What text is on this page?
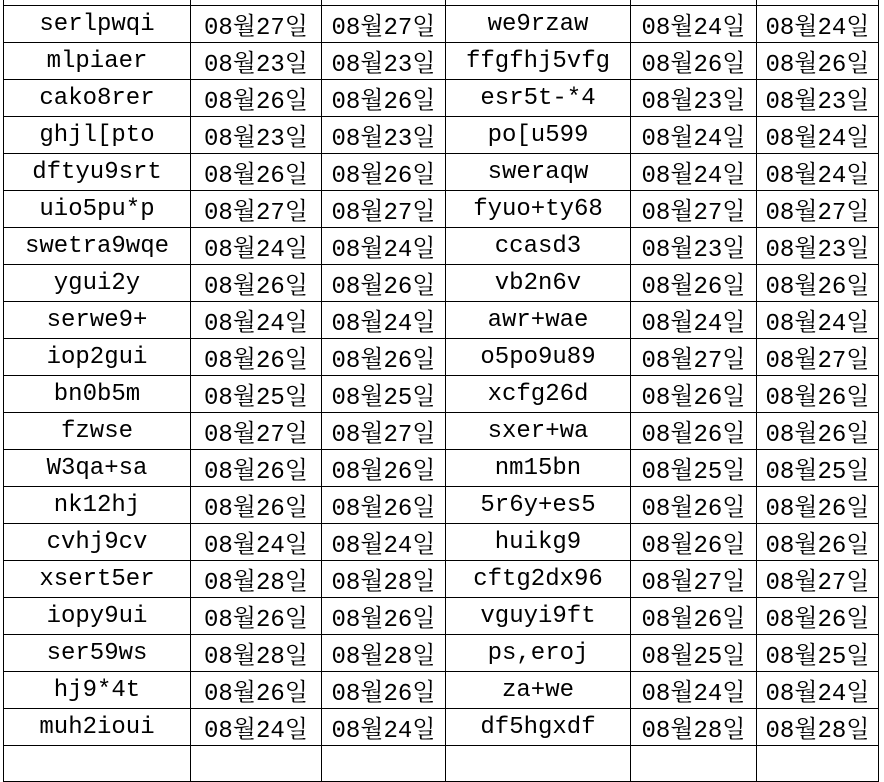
serlpwqi	08월27일	08월27일	we9rzaw	08월24일	08월24일
mlpiaer	08월23일	08월23일	ffgfhj5vfg	08월26일	08월26일
cako8rer	08월26일	08월26일	esr5t-*4	08월23일	08월23일
ghjl[pto	08월23일	08월23일	po[u599	08월24일	08월24일
dftyu9srt	08월26일	08월26일	sweraqw	08월24일	08월24일
uio5pu*p	08월27일	08월27일	fyuo+ty68	08월27일	08월27일
swetra9wqe	08월24일	08월24일	ccasd3	08월23일	08월23일
ygui2y	08월26일	08월26일	vb2n6v	08월26일	08월26일
serwe9+	08월24일	08월24일	awr+wae	08월24일	08월24일
iop2gui	08월26일	08월26일	o5po9u89	08월27일	08월27일
bn0b5m	08월25일	08월25일	xcfg26d	08월26일	08월26일
fzwse	08월27일	08월27일	sxer+wa	08월26일	08월26일
W3qa+sa	08월26일	08월26일	nm15bn	08월25일	08월25일
nk12hj	08월26일	08월26일	5r6y+es5	08월26일	08월26일
cvhj9cv	08월24일	08월24일	huikg9	08월26일	08월26일
xsert5er	08월28일	08월28일	cftg2dx96	08월27일	08월27일
iopy9ui	08월26일	08월26일	vguyi9ft	08월26일	08월26일
ser59ws	08월28일	08월28일	ps,eroj	08월25일	08월25일
hj9*4t	08월26일	08월26일	za+we	08월24일	08월24일
muh2ioui	08월24일	08월24일	df5hgxdf	08월28일	08월28일
